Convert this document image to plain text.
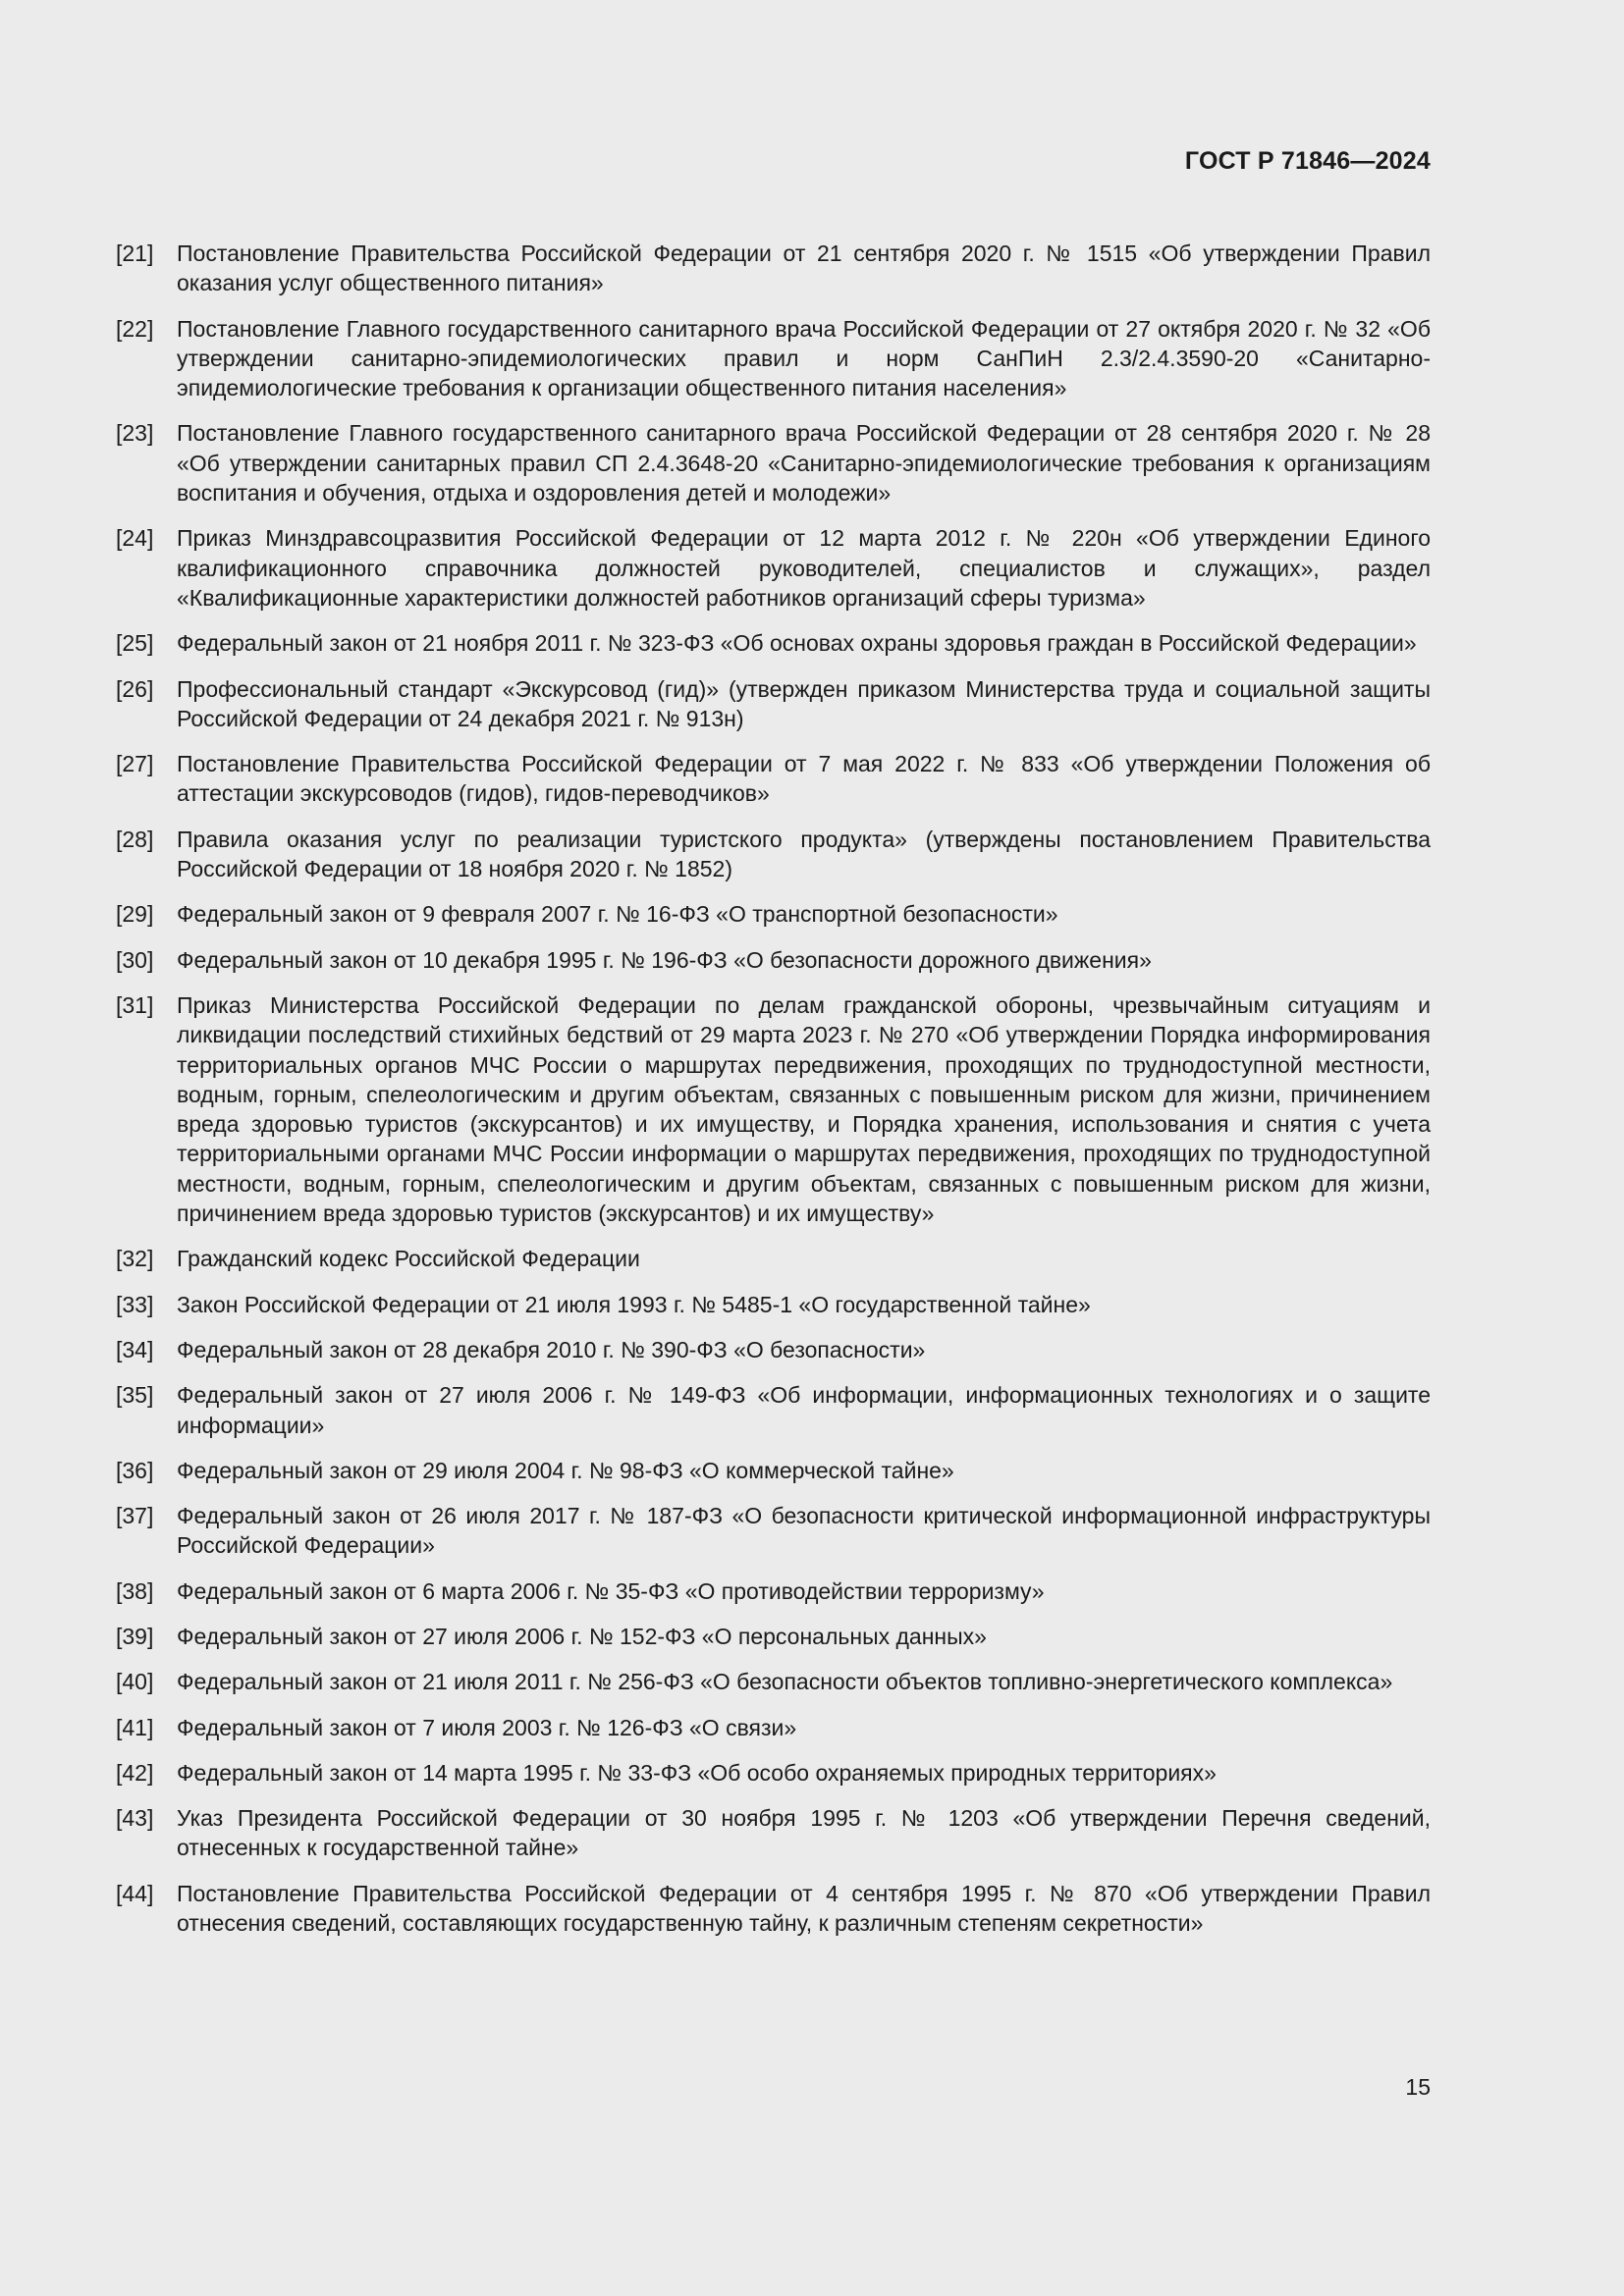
ГОСТ Р 71846—2024
[21]	Постановление Правительства Российской Федерации от 21 сентября 2020 г. № 1515 «Об утверждении Правил оказания услуг общественного питания»
[22]	Постановление Главного государственного санитарного врача Российской Федерации от 27 октября 2020 г. № 32 «Об утверждении санитарно-эпидемиологических правил и норм СанПиН 2.3/2.4.3590-20 «Санитарно-эпидемиологические требования к организации общественного питания населения»
[23]	Постановление Главного государственного санитарного врача Российской Федерации от 28 сентября 2020 г. № 28 «Об утверждении санитарных правил СП 2.4.3648-20 «Санитарно-эпидемиологические требования к организациям воспитания и обучения, отдыха и оздоровления детей и молодежи»
[24]	Приказ Минздравсоцразвития Российской Федерации от 12 марта 2012 г. № 220н «Об утверждении Единого квалификационного справочника должностей руководителей, специалистов и служащих», раздел «Квалификационные характеристики должностей работников организаций сферы туризма»
[25]	Федеральный закон от 21 ноября 2011 г. № 323-ФЗ «Об основах охраны здоровья граждан в Российской Федерации»
[26]	Профессиональный стандарт «Экскурсовод (гид)» (утвержден приказом Министерства труда и социальной защиты Российской Федерации от 24 декабря 2021 г. № 913н)
[27]	Постановление Правительства Российской Федерации от 7 мая 2022 г. № 833 «Об утверждении Положения об аттестации экскурсоводов (гидов), гидов-переводчиков»
[28]	Правила оказания услуг по реализации туристского продукта» (утверждены постановлением Правительства Российской Федерации от 18 ноября 2020 г. № 1852)
[29]	Федеральный закон от 9 февраля 2007 г. № 16-ФЗ «О транспортной безопасности»
[30]	Федеральный закон от 10 декабря 1995 г. № 196-ФЗ «О безопасности дорожного движения»
[31]	Приказ Министерства Российской Федерации по делам гражданской обороны, чрезвычайным ситуациям и ликвидации последствий стихийных бедствий от 29 марта 2023 г. № 270 «Об утверждении Порядка информирования территориальных органов МЧС России о маршрутах передвижения, проходящих по труднодоступной местности, водным, горным, спелеологическим и другим объектам, связанных с повышенным риском для жизни, причинением вреда здоровью туристов (экскурсантов) и их имуществу, и Порядка хранения, использования и снятия с учета территориальными органами МЧС России информации о маршрутах передвижения, проходящих по труднодоступной местности, водным, горным, спелеологическим и другим объектам, связанных с повышенным риском для жизни, причинением вреда здоровью туристов (экскурсантов) и их имуществу»
[32]	Гражданский кодекс Российской Федерации
[33]	Закон Российской Федерации от 21 июля 1993 г. № 5485-1 «О государственной тайне»
[34]	Федеральный закон от 28 декабря 2010 г. № 390-ФЗ «О безопасности»
[35]	Федеральный закон от 27 июля 2006 г. № 149-ФЗ «Об информации, информационных технологиях и о защите информации»
[36]	Федеральный закон от 29 июля 2004 г. № 98-ФЗ «О коммерческой тайне»
[37]	Федеральный закон от 26 июля 2017 г. № 187-ФЗ «О безопасности критической информационной инфраструктуры Российской Федерации»
[38]	Федеральный закон от 6 марта 2006 г. № 35-ФЗ «О противодействии терроризму»
[39]	Федеральный закон от 27 июля 2006 г. № 152-ФЗ «О персональных данных»
[40]	Федеральный закон от 21 июля 2011 г. № 256-ФЗ «О безопасности объектов топливно-энергетического комплекса»
[41]	Федеральный закон от 7 июля 2003 г. № 126-ФЗ «О связи»
[42]	Федеральный закон от 14 марта 1995 г. № 33-ФЗ «Об особо охраняемых природных территориях»
[43]	Указ Президента Российской Федерации от 30 ноября 1995 г. № 1203 «Об утверждении Перечня сведений, отнесенных к государственной тайне»
[44]	Постановление Правительства Российской Федерации от 4 сентября 1995 г. № 870 «Об утверждении Правил отнесения сведений, составляющих государственную тайну, к различным степеням секретности»
15
